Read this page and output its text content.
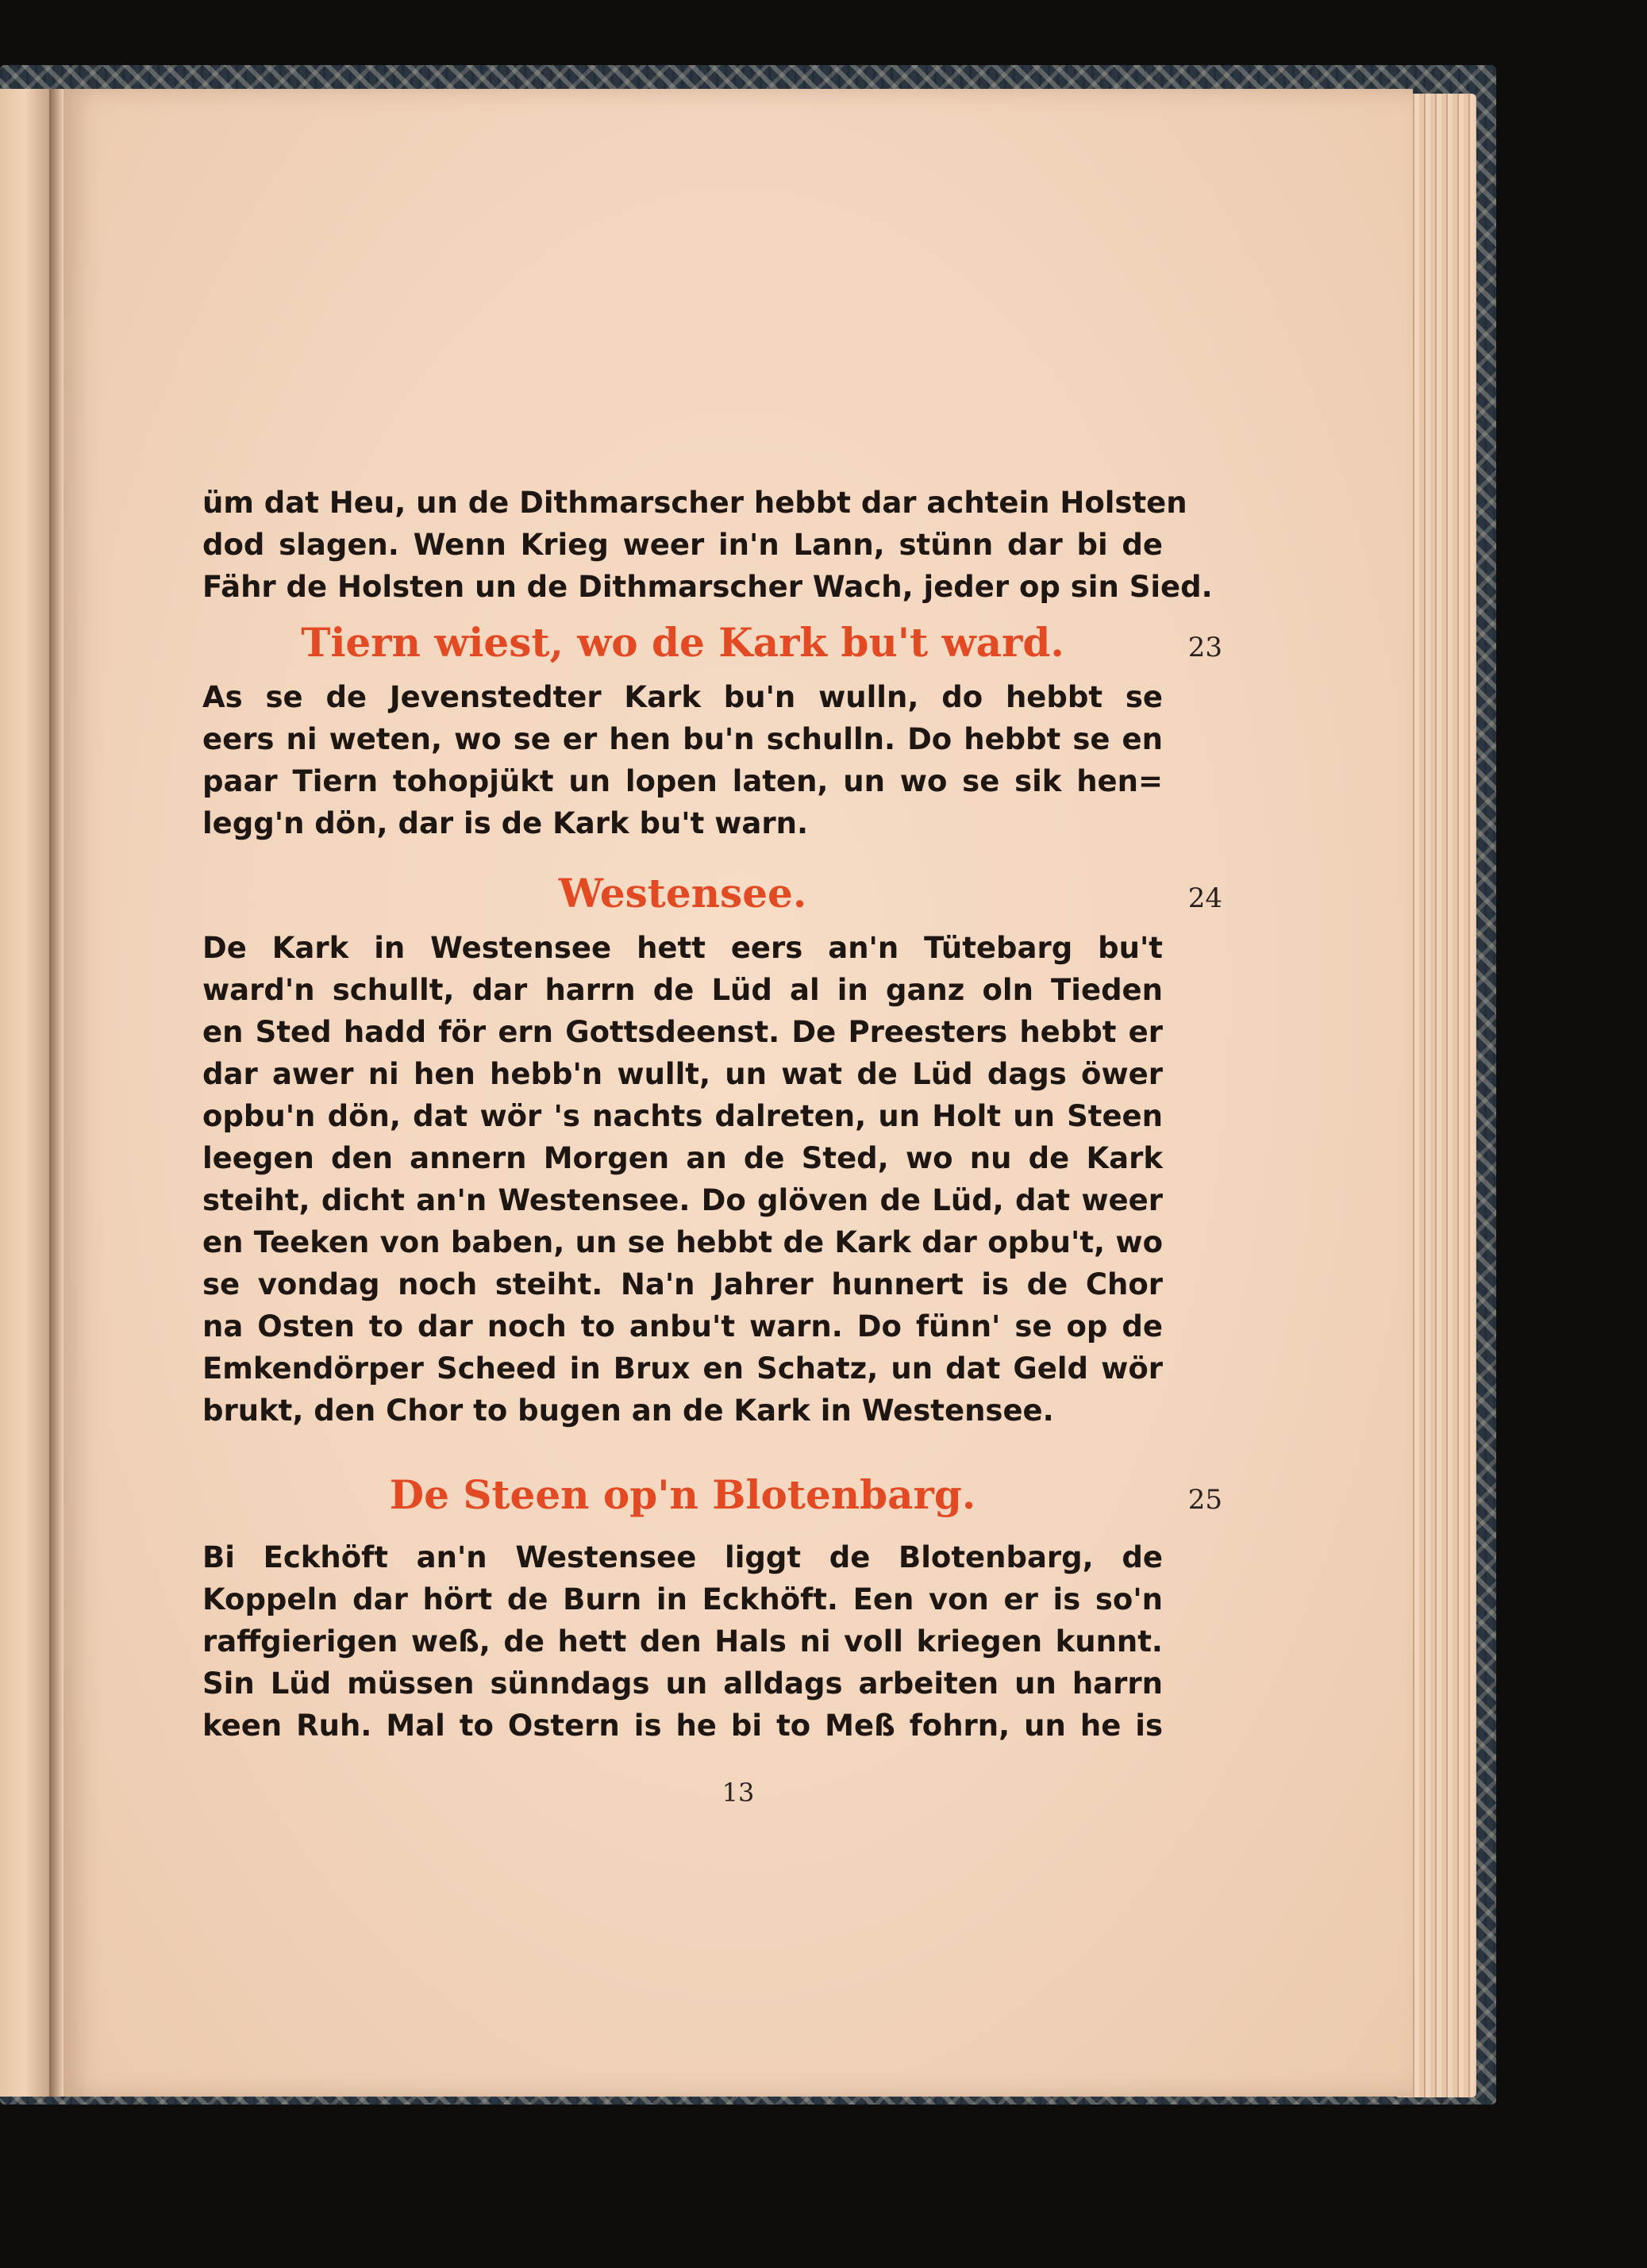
üm dat Heu, un de Dithmarscher hebbt dar achtein Holsten
dod slagen. Wenn Krieg weer in'n Lann, stünn dar bi de
Fähr de Holsten un de Dithmarscher Wach, jeder op sin Sied.

Tiern wiest, wo de Kark bu't ward.	23

As se de Jevenstedter Kark bu'n wulln, do hebbt se
eers ni weten, wo se er hen bu'n schulln. Do hebbt se en
paar Tiern tohopjükt un lopen laten, un wo se sik hen=
legg'n dön, dar is de Kark bu't warn.

Westensee.	24

De Kark in Westensee hett eers an'n Tütebarg bu't
ward'n schullt, dar harrn de Lüd al in ganz oln Tieden
en Sted hadd för ern Gottsdeenst. De Preesters hebbt er
dar awer ni hen hebb'n wullt, un wat de Lüd dags öwer
opbu'n dön, dat wör 's nachts dalreten, un Holt un Steen
leegen den annern Morgen an de Sted, wo nu de Kark
steiht, dicht an'n Westensee. Do glöven de Lüd, dat weer
en Teeken von baben, un se hebbt de Kark dar opbu't, wo
se vondag noch steiht. Na'n Jahrer hunnert is de Chor
na Osten to dar noch to anbu't warn. Do fünn' se op de
Emkendörper Scheed in Brux en Schatz, un dat Geld wör
brukt, den Chor to bugen an de Kark in Westensee.

De Steen op'n Blotenbarg.	25

Bi Eckhöft an'n Westensee liggt de Blotenbarg, de
Koppeln dar hört de Burn in Eckhöft. Een von er is so'n
raffgierigen weß, de hett den Hals ni voll kriegen kunnt.
Sin Lüd müssen sünndags un alldags arbeiten un harrn
keen Ruh. Mal to Ostern is he bi to Meß fohrn, un he is

13
